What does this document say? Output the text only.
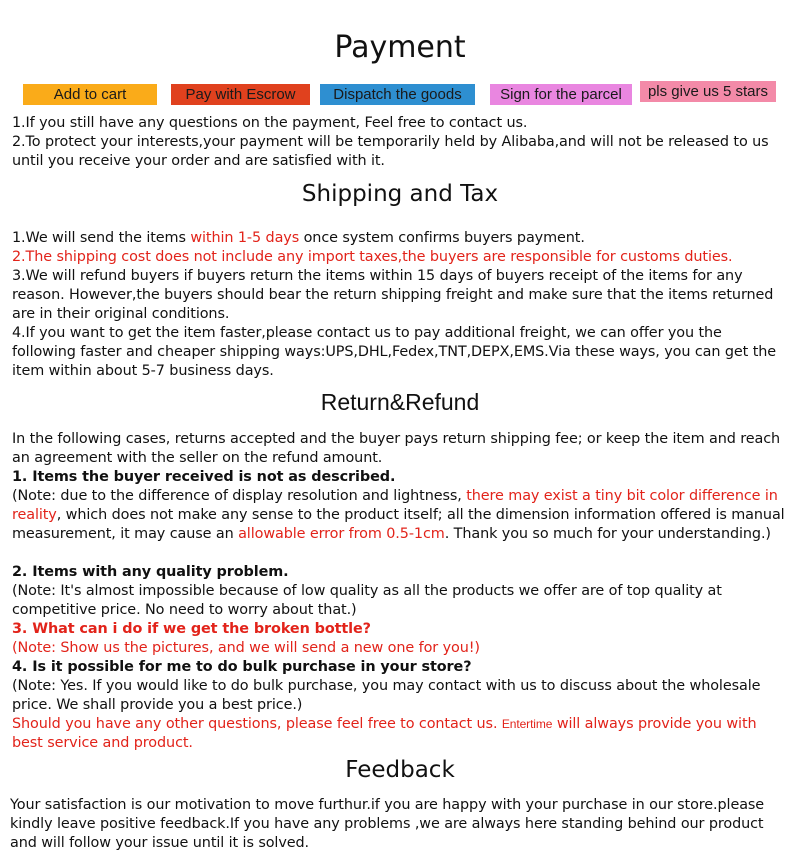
Payment
Add to cart	Pay with Escrow	Dispatch the goods	Sign for the parcel	pls give us 5 stars

1.If you still have any questions on the payment, Feel free to contact us.

2.To protect your interests,your payment will be temporarily held by Alibaba,and will not be released to us until you receive your order and are satisfied with it.

Shipping and Tax

1.We will send the items within 1-5 days once system confirms buyers payment.

2.The shipping cost does not include any import taxes,the buyers are responsible for customs duties.

3.We will refund buyers if buyers return the items within 15 days of buyers receipt of the items for any reason. However,the buyers should bear the return shipping freight and make sure that the items returned are in their original conditions.

4.If you want to get the item faster,please contact us to pay additional freight, we can offer you the following faster and cheaper shipping ways:UPS,DHL,Fedex,TNT,DEPX,EMS.Via these ways, you can get the item within about 5-7 business days.

Return&Refund

In the following cases, returns accepted and the buyer pays return shipping fee; or keep the item and reach an agreement with the seller on the refund amount.

1. Items the buyer received is not as described.

(Note: due to the difference of display resolution and lightness, there may exist a tiny bit color difference in reality, which does not make any sense to the product itself; all the dimension information offered is manual measurement, it may cause an allowable error from 0.5-1cm. Thank you so much for your understanding.)

2. Items with any quality problem.

(Note: It's almost impossible because of low quality as all the products we offer are of top quality at competitive price. No need to worry about that.)

3. What can i do if we get the broken bottle?

(Note: Show us the pictures, and we will send a new one for you!)

4. Is it possible for me to do bulk purchase in your store?

(Note: Yes. If you would like to do bulk purchase, you may contact with us to discuss about the wholesale price. We shall provide you a best price.)

Should you have any other questions, please feel free to contact us. Entertime will always provide you with best service and product.

Feedback

Your satisfaction is our motivation to move furthur.if you are happy with your purchase in our store.please kindly leave positive feedback.If you have any problems ,we are always here standing behind our product and will follow your issue until it is solved.
